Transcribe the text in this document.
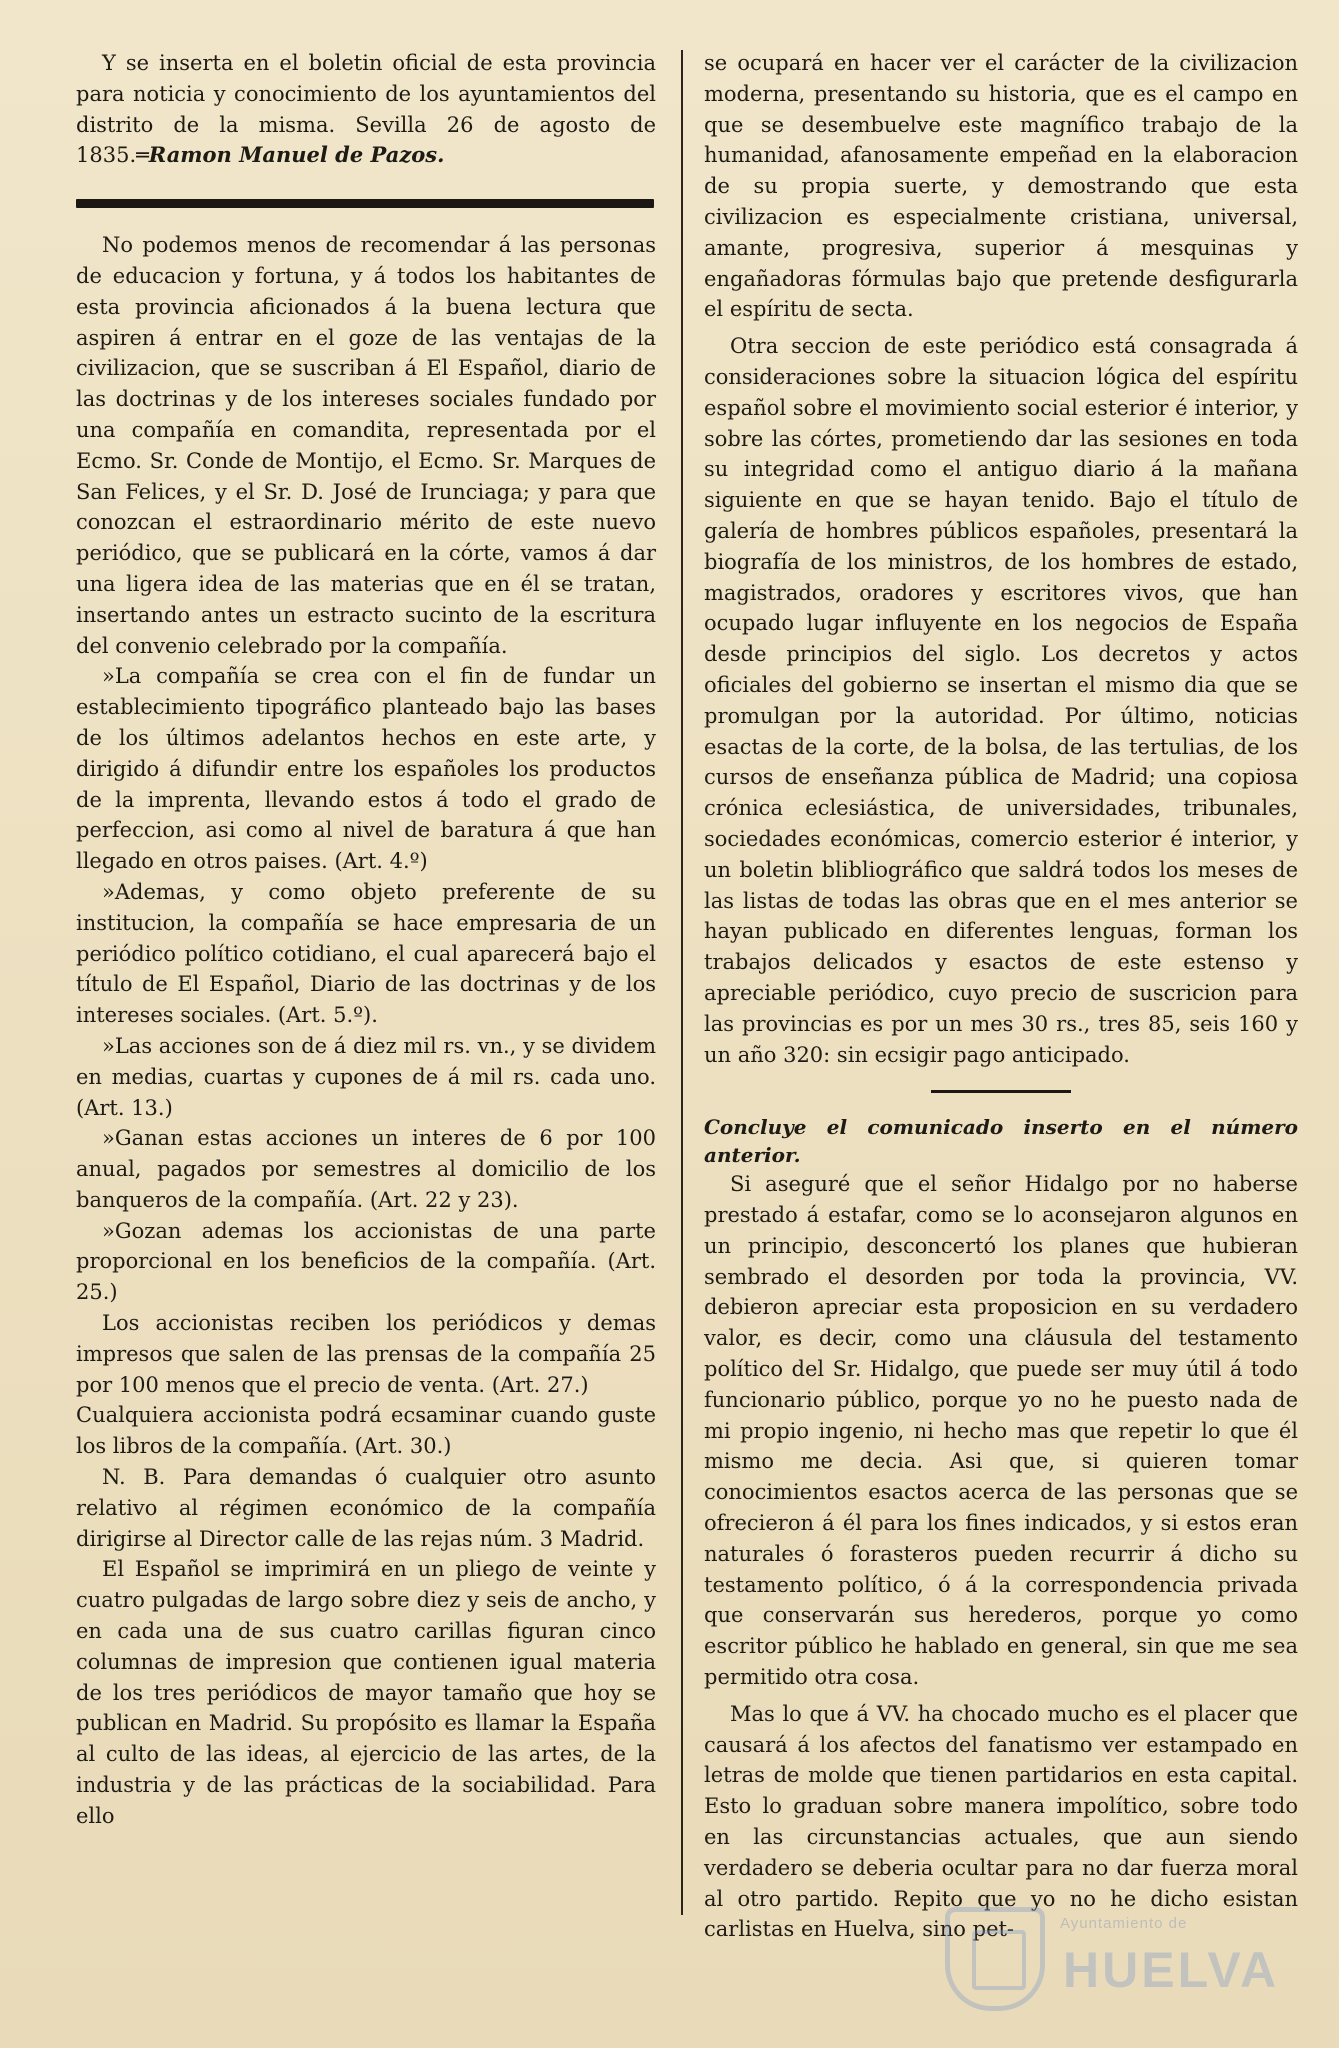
Y se inserta en el boletin oficial de esta provincia para noticia y conocimiento de los ayuntamientos del distrito de la misma. Sevilla 26 de agosto de 1835.═Ramon Manuel de Pazos.

No podemos menos de recomendar á las personas de educacion y fortuna, y á todos los habitantes de esta provincia aficionados á la buena lectura que aspiren á entrar en el goze de las ventajas de la civilizacion, que se suscriban á El Español, diario de las doctrinas y de los intereses sociales fundado por una compañía en comandita, representada por el Ecmo. Sr. Conde de Montijo, el Ecmo. Sr. Marques de San Felices, y el Sr. D. José de Irunciaga; y para que conozcan el estraordinario mérito de este nuevo periódico, que se publicará en la córte, vamos á dar una ligera idea de las materias que en él se tratan, insertando antes un estracto sucinto de la escritura del convenio celebrado por la compañía.

»La compañía se crea con el fin de fundar un establecimiento tipográfico planteado bajo las bases de los últimos adelantos hechos en este arte, y dirigido á difundir entre los españoles los productos de la imprenta, llevando estos á todo el grado de perfeccion, asi como al nivel de baratura á que han llegado en otros paises. (Art. 4.º)

»Ademas, y como objeto preferente de su institucion, la compañía se hace empresaria de un periódico político cotidiano, el cual aparecerá bajo el título de El Español, Diario de las doctrinas y de los intereses sociales. (Art. 5.º).

»Las acciones son de á diez mil rs. vn., y se dividem en medias, cuartas y cupones de á mil rs. cada uno. (Art. 13.)

»Ganan estas acciones un interes de 6 por 100 anual, pagados por semestres al domicilio de los banqueros de la compañía. (Art. 22 y 23).

»Gozan ademas los accionistas de una parte proporcional en los beneficios de la compañía. (Art. 25.)

Los accionistas reciben los periódicos y demas impresos que salen de las prensas de la compañía 25 por 100 menos que el precio de venta. (Art. 27.)

Cualquiera accionista podrá ecsaminar cuando guste los libros de la compañía. (Art. 30.)

N. B. Para demandas ó cualquier otro asunto relativo al régimen económico de la compañía dirigirse al Director calle de las rejas núm. 3 Madrid.

El Español se imprimirá en un pliego de veinte y cuatro pulgadas de largo sobre diez y seis de ancho, y en cada una de sus cuatro carillas figuran cinco columnas de impresion que contienen igual materia de los tres periódicos de mayor tamaño que hoy se publican en Madrid. Su propósito es llamar la España al culto de las ideas, al ejercicio de las artes, de la industria y de las prácticas de la sociabilidad. Para ello

se ocupará en hacer ver el carácter de la civilizacion moderna, presentando su historia, que es el campo en que se desembuelve este magnífico trabajo de la humanidad, afanosamente empeñad en la elaboracion de su propia suerte, y demostrando que esta civilizacion es especialmente cristiana, universal, amante, progresiva, superior á mesquinas y engañadoras fórmulas bajo que pretende desfigurarla el espíritu de secta.

Otra seccion de este periódico está consagrada á consideraciones sobre la situacion lógica del espíritu español sobre el movimiento social esterior é interior, y sobre las córtes, prometiendo dar las sesiones en toda su integridad como el antiguo diario á la mañana siguiente en que se hayan tenido. Bajo el título de galería de hombres públicos españoles, presentará la biografía de los ministros, de los hombres de estado, magistrados, oradores y escritores vivos, que han ocupado lugar influyente en los negocios de España desde principios del siglo. Los decretos y actos oficiales del gobierno se insertan el mismo dia que se promulgan por la autoridad. Por último, noticias esactas de la corte, de la bolsa, de las tertulias, de los cursos de enseñanza pública de Madrid; una copiosa crónica eclesiástica, de universidades, tribunales, sociedades económicas, comercio esterior é interior, y un boletin blibliográfico que saldrá todos los meses de las listas de todas las obras que en el mes anterior se hayan publicado en diferentes lenguas, forman los trabajos delicados y esactos de este estenso y apreciable periódico, cuyo precio de suscricion para las provincias es por un mes 30 rs., tres 85, seis 160 y un año 320: sin ecsigir pago anticipado.

Concluye el comunicado inserto en el número anterior.

Si aseguré que el señor Hidalgo por no haberse prestado á estafar, como se lo aconsejaron algunos en un principio, desconcertó los planes que hubieran sembrado el desorden por toda la provincia, VV. debieron apreciar esta proposicion en su verdadero valor, es decir, como una cláusula del testamento político del Sr. Hidalgo, que puede ser muy útil á todo funcionario público, porque yo no he puesto nada de mi propio ingenio, ni hecho mas que repetir lo que él mismo me decia. Asi que, si quieren tomar conocimientos esactos acerca de las personas que se ofrecieron á él para los fines indicados, y si estos eran naturales ó forasteros pueden recurrir á dicho su testamento político, ó á la correspondencia privada que conservarán sus herederos, porque yo como escritor público he hablado en general, sin que me sea permitido otra cosa.

Mas lo que á VV. ha chocado mucho es el placer que causará á los afectos del fanatismo ver estampado en letras de molde que tienen partidarios en esta capital. Esto lo graduan sobre manera impolítico, sobre todo en las circunstancias actuales, que aun siendo verdadero se deberia ocultar para no dar fuerza moral al otro partido. Repito que yo no he dicho esistan carlistas en Huelva, sino pet-	Ayuntamiento de
HUELVA
